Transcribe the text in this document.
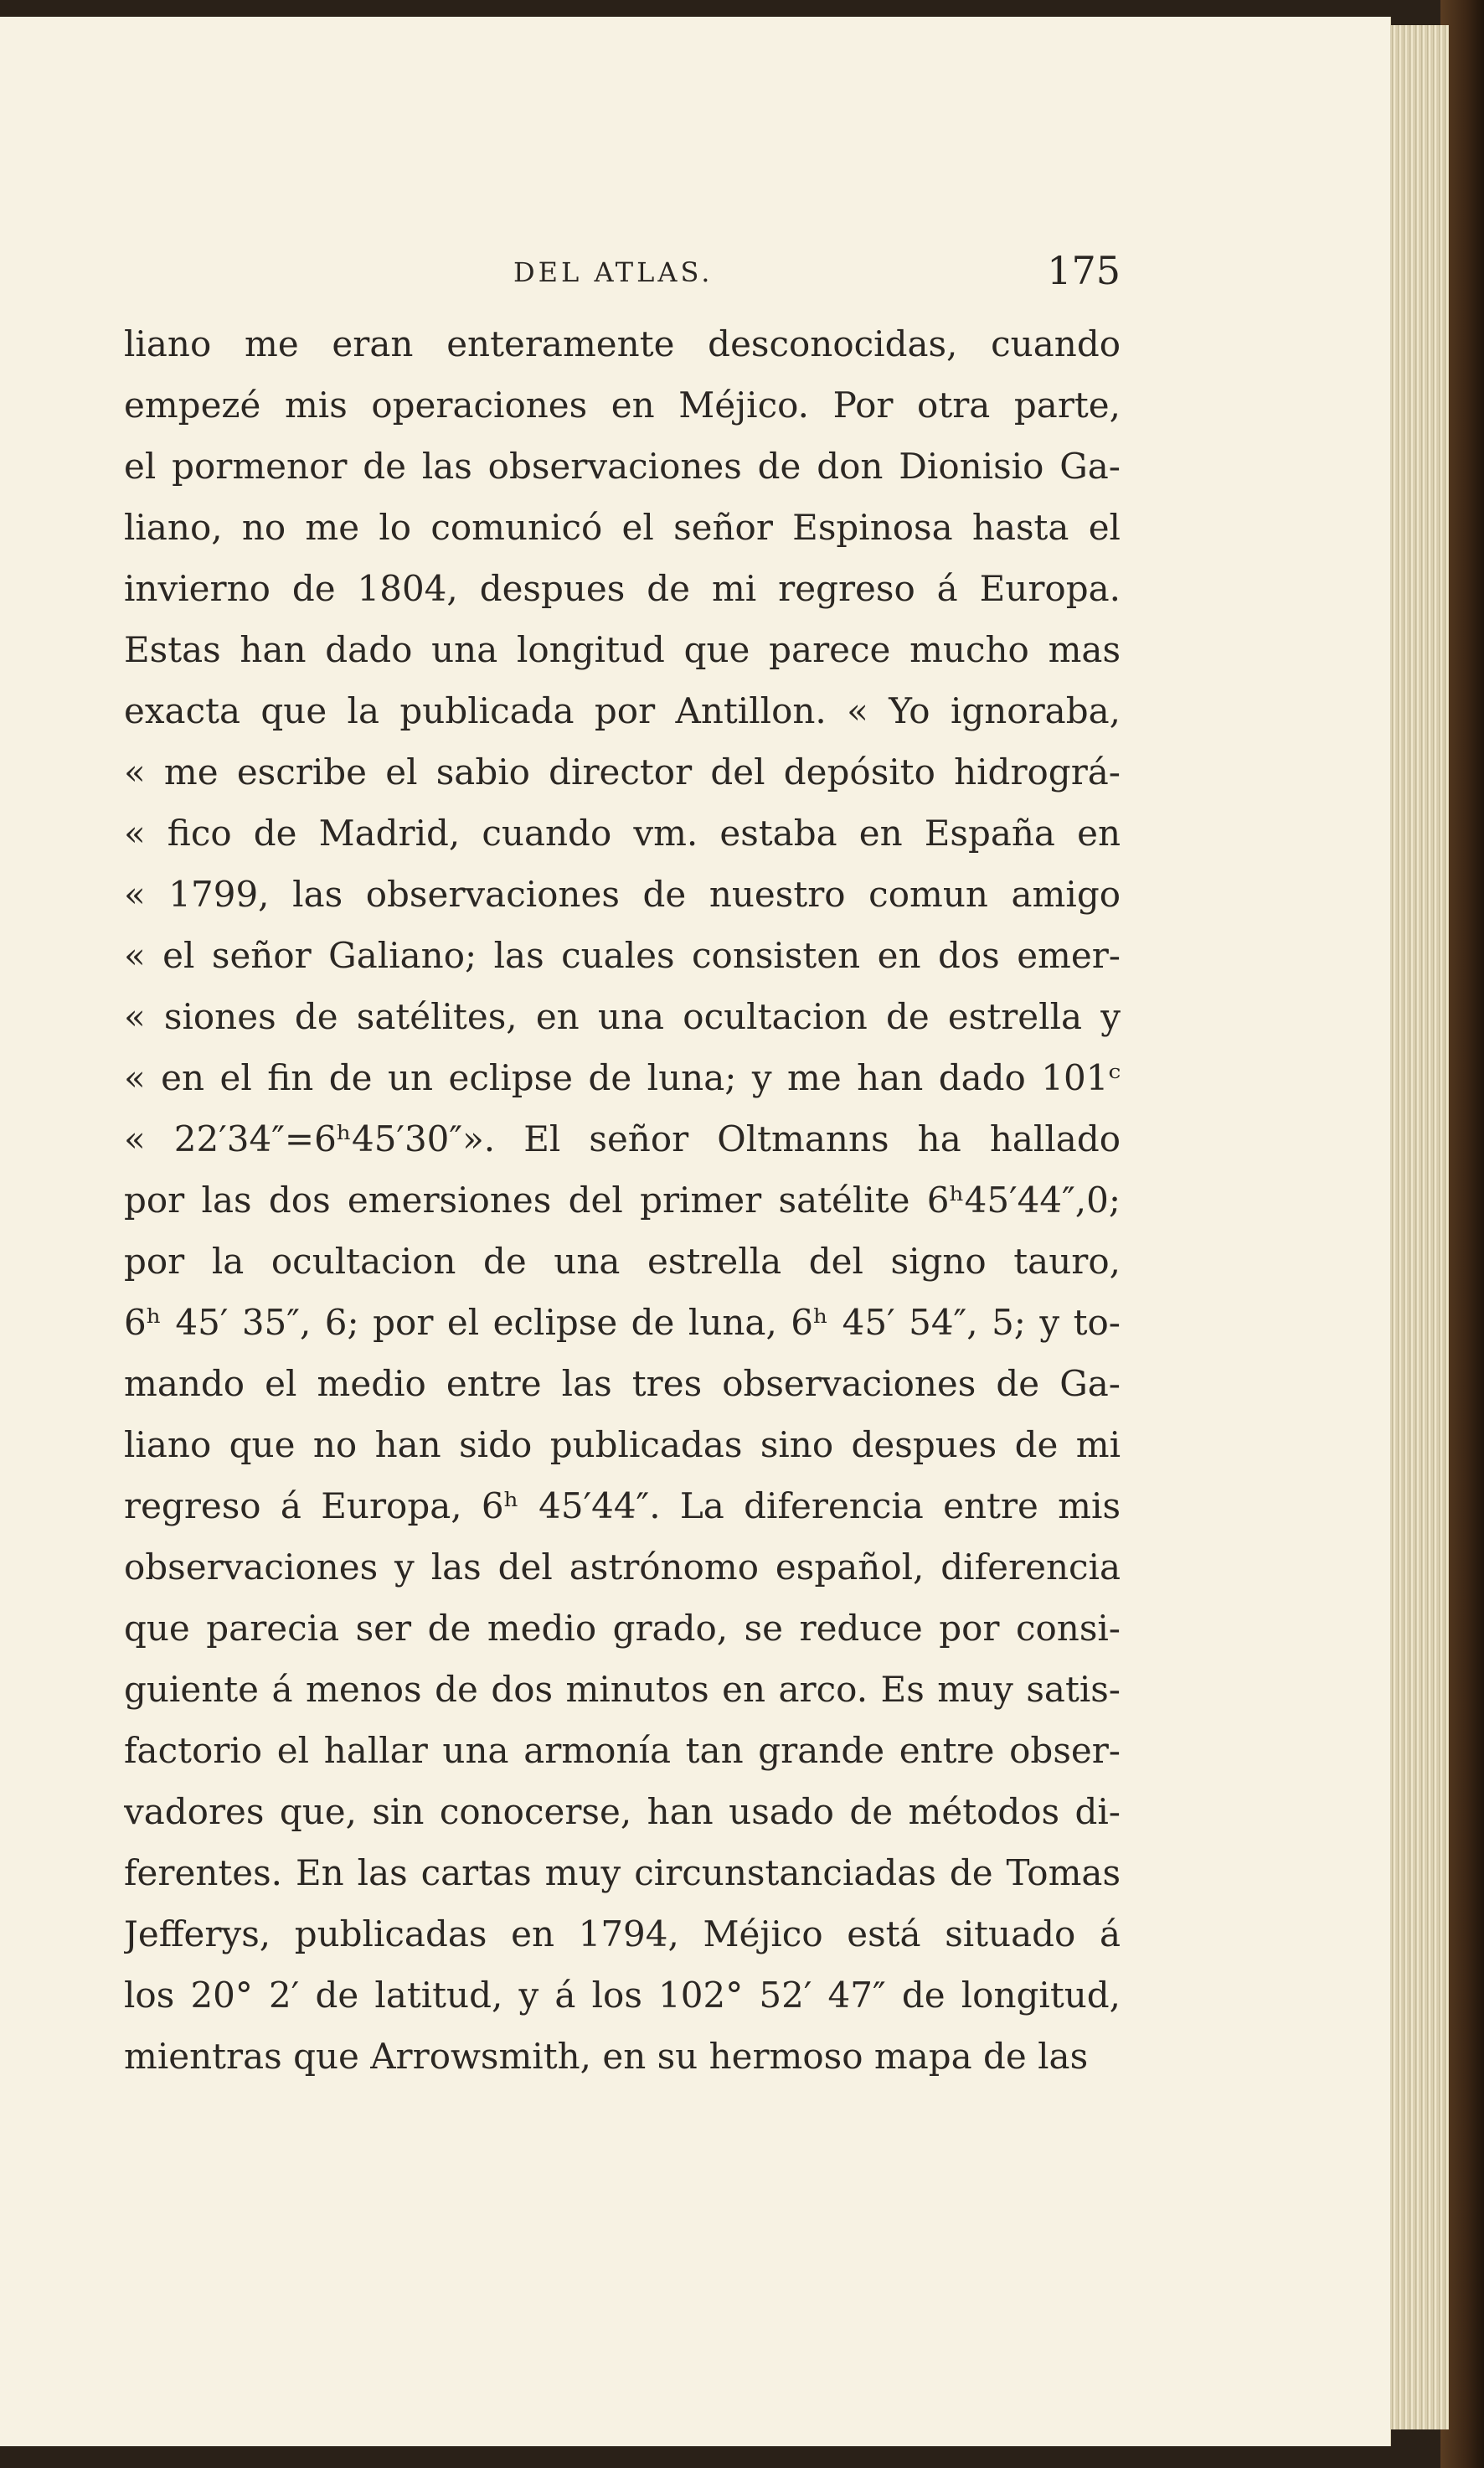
DEL ATLAS.	175
liano me eran enteramente desconocidas, cuando
empezé mis operaciones en Méjico. Por otra parte,
el pormenor de las observaciones de don Dionisio Ga-
liano, no me lo comunicó el señor Espinosa hasta el
invierno de 1804, despues de mi regreso á Europa.
Estas han dado una longitud que parece mucho mas
exacta que la publicada por Antillon. « Yo ignoraba,
« me escribe el sabio director del depósito hidrográ-
« fico de Madrid, cuando vm. estaba en España en
« 1799, las observaciones de nuestro comun amigo
« el señor Galiano; las cuales consisten en dos emer-
« siones de satélites, en una ocultacion de estrella y
« en el fin de un eclipse de luna; y me han dado 101ᶜ
« 22′34″=6ʰ45′30″». El señor Oltmanns ha hallado
por las dos emersiones del primer satélite 6ʰ45′44″,0;
por la ocultacion de una estrella del signo tauro,
6ʰ 45′ 35″, 6; por el eclipse de luna, 6ʰ 45′ 54″, 5; y to-
mando el medio entre las tres observaciones de Ga-
liano que no han sido publicadas sino despues de mi
regreso á Europa, 6ʰ 45′44″. La diferencia entre mis
observaciones y las del astrónomo español, diferencia
que parecia ser de medio grado, se reduce por consi-
guiente á menos de dos minutos en arco. Es muy satis-
factorio el hallar una armonía tan grande entre obser-
vadores que, sin conocerse, han usado de métodos di-
ferentes. En las cartas muy circunstanciadas de Tomas
Jefferys, publicadas en 1794, Méjico está situado á
los 20° 2′ de latitud, y á los 102° 52′ 47″ de longitud,
mientras que Arrowsmith, en su hermoso mapa de las
